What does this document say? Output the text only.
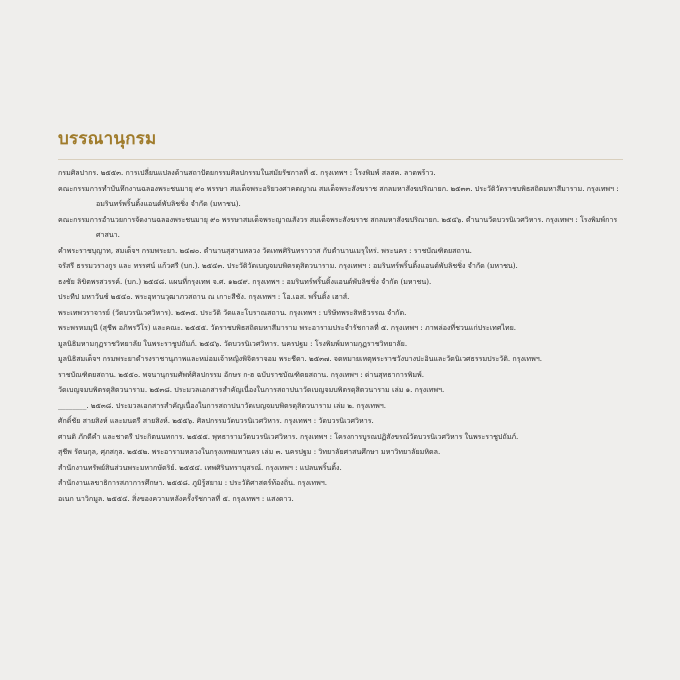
บรรณานุกรม
กรมศิลปากร. ๒๕๕๓. การเปลี่ยนแปลงด้านสถาปัตยกรรมศิลปกรรมในสมัยรัชกาลที่ ๕. กรุงเทพฯ : โรงพิมพ์ สลสค. ลาดพร้าว.
คณะกรรมการทำบันทึกงานฉลองพระชนมายุ ๙๐ พรรษา สมเด็จพระอริยวงศาคตญาณ สมเด็จพระสังฆราช สกลมหาสังฆปริณายก. ๒๕๓๓. ประวัติวัดราชบพิธสถิตมหาสีมาราม. กรุงเทพฯ : อมรินทร์พริ้นติ้งแอนด์พับลิชชิ่ง จำกัด (มหาชน).
คณะกรรมการอำนวยการจัดงานฉลองพระชนมายุ ๙๐ พรรษาสมเด็จพระญาณสังวร สมเด็จพระสังฆราช สกลมหาสังฆปริณายก. ๒๕๔๖. ตำนานวัดบวรนิเวศวิหาร. กรุงเทพฯ : โรงพิมพ์การศาสนา.
คำพระราชบุญาท, สมเด็จฯ กรมพระยา. ๒๔๗๐. ตำนานสุสานหลวง วัดเทพศิรินทราวาส กับตำนานเมรุใหร่. พระนคร : ราชบัณฑิตยสถาน.
จรัสรี ธรรมวรางกูร และ ทรรศน์ แก้วศรี (บก.). ๒๕๔๓. ประวัติวัดเบญจมบพิตรดุสิตวนาราม. กรุงเทพฯ : อมรินทร์พริ้นติ้งแอนด์พับลิชชิ่ง จำกัด (มหาชน).
ธงชัย ลิขิตพรสวรรค์. (บก.) ๒๕๔๘. แผนที่กรุงเทพ จ.ศ. ๑๒๔๙. กรุงเทพฯ : อมรินทร์พริ้นติ้งแอนด์พับลิชชิ่ง จำกัด (มหาชน).
ประทีป มหาวันซ์ ๒๕๔๐. พระอุทานวุฒาภวสถาน ณ เกาะสีชัง. กรุงเทพฯ : โอ.เอส. พริ้นติ้ง เฮาส์.
พระเทพวราจารย์ (วัดบวรนิเวศวิหาร). ๒๕๓๕. ประวัติ วัดและโบราณสถาน. กรุงเทพฯ : บริษัทพระสิทธิวรรณ จำกัด.
พระพรหมมุนี (สุชีพ อภิพรวีโร) และคณะ. ๒๕๕๕. วัดราชบพิธสถิตมหาสีมาราม พระอารามประจำรัชกาลที่ ๕. กรุงเทพฯ : ภาพล่องที่ชวนแก่ประเทศไทย.
มูลนิธิมหามกุฏราชวิทยาลัย ในพระราชูปถัมภ์. ๒๕๔๖. วัดบวรนิเวศวิหาร. นครปฐม : โรงพิมพ์มหามกุฏราชวิทยาลัย.
มูลนิธิสมเด็จฯ กรมพระยาดำรงราชานุภาพและหม่อมเจ้าหญิงพิจิตราจอม พระชีตา. ๒๕๓๗. จดหมายเหตุพระราชวังบางปะอินและวัดนิเวศธรรมประวัติ. กรุงเทพฯ.
ราชบัณฑิตยสถาน. ๒๕๕๐. พจนานุกรมศัพท์ศิลปกรรม อักษร ก-ฮ ฉบับราชบัณฑิตยสถาน. กรุงเทพฯ : ด่านสุทธาการพิมพ์.
วัดเบญจมบพิตรดุสิตวนาราม. ๒๕๓๘. ประมวลเอกสารสำคัญเนื่องในการสถาปนาวัดเบญจมบพิตรดุสิตวนาราม เล่ม ๑. กรุงเทพฯ.
________. ๒๕๓๘. ประมวลเอกสารสำคัญเนื่องในการสถาปนาวัดเบญจมบพิตรดุสิตวนาราม เล่ม ๒. กรุงเทพฯ.
ศักดิ์ชัย สายสิงห์ และมนตรี สายสิงห์. ๒๕๕๖. ศิลปกรรมวัดบวรนิเวศวิหาร. กรุงเทพฯ : วัดบวรนิเวศวิหาร.
ศานติ ภักดีคำ และชาตรี ประกิตนนทการ. ๒๕๕๕. พุทธารามวัดบวรนิเวศวิหาร. กรุงเทพฯ : โครงการบูรณปฏิสังขรณ์วัดบวรนิเวศวิหาร ในพระราชูปถัมภ์.
สุชีพ รัตนกุล, ศุภสกุล. ๒๕๕๒. พระอารามหลวงในกรุงเทพมหานคร เล่ม ๓. นครปฐม : วิทยาลัยศาสนศึกษา มหาวิทยาลัยมหิดล.
สำนักงานทรัพย์สินส่วนพระมหากษัตริย์. ๒๕๕๔. เทพศิรินทราบุสรณ์. กรุงเทพฯ : แปลนพริ้นติ้ง.
สำนักงานเลขาธิการสภาการศึกษา. ๒๕๕๘. ภูมิรู้สยาม : ประวัติศาสตร์ท้องถิ่น. กรุงเทพฯ.
อเนก นาวิกมูล. ๒๕๕๔. สิ่งของความหลังครั้งรัชกาลที่ ๕. กรุงเทพฯ : แสงดาว.
